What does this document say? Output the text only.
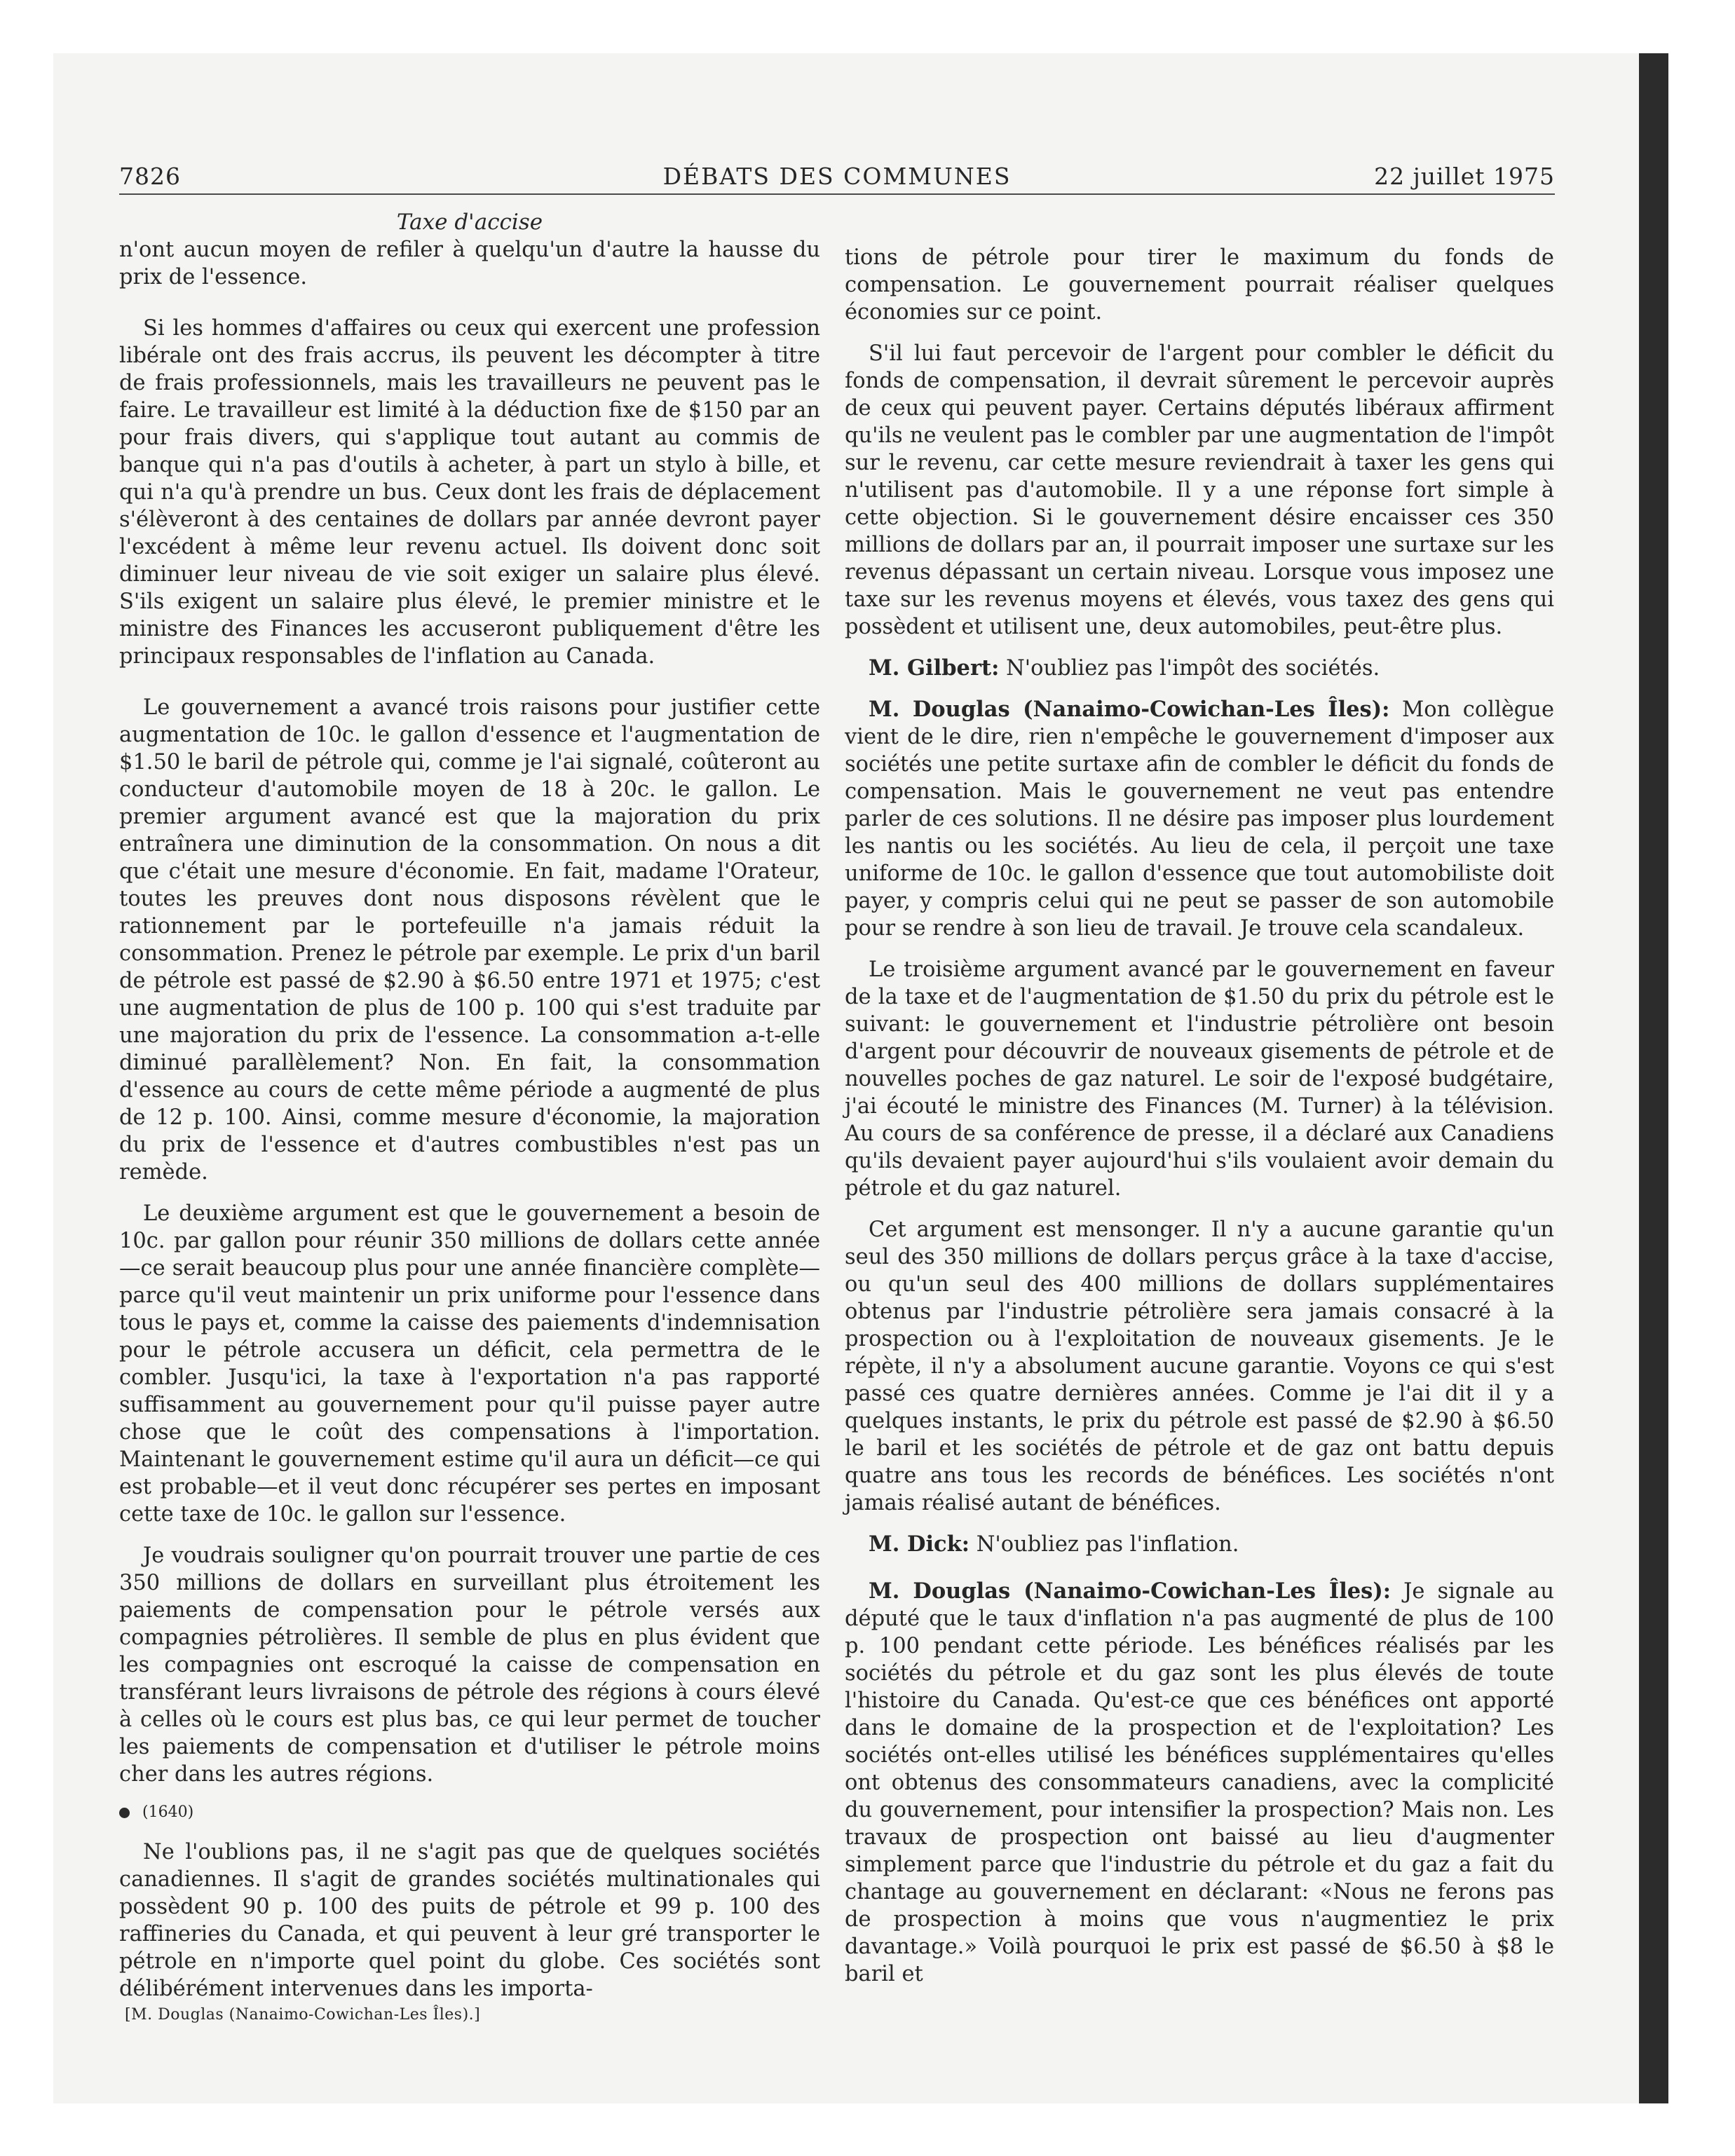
7826	DÉBATS DES COMMUNES	22 juillet 1975
Taxe d'accise

n'ont aucun moyen de refiler à quelqu'un d'autre la hausse du prix de l'essence.

Si les hommes d'affaires ou ceux qui exercent une profession libérale ont des frais accrus, ils peuvent les décompter à titre de frais professionnels, mais les travailleurs ne peuvent pas le faire. Le travailleur est limité à la déduction fixe de $150 par an pour frais divers, qui s'applique tout autant au commis de banque qui n'a pas d'outils à acheter, à part un stylo à bille, et qui n'a qu'à prendre un bus. Ceux dont les frais de déplacement s'élèveront à des centaines de dollars par année devront payer l'excédent à même leur revenu actuel. Ils doivent donc soit diminuer leur niveau de vie soit exiger un salaire plus élevé. S'ils exigent un salaire plus élevé, le premier ministre et le ministre des Finances les accuseront publiquement d'être les principaux responsables de l'inflation au Canada.

Le gouvernement a avancé trois raisons pour justifier cette augmentation de 10c. le gallon d'essence et l'augmentation de $1.50 le baril de pétrole qui, comme je l'ai signalé, coûteront au conducteur d'automobile moyen de 18 à 20c. le gallon. Le premier argument avancé est que la majoration du prix entraînera une diminution de la consommation. On nous a dit que c'était une mesure d'économie. En fait, madame l'Orateur, toutes les preuves dont nous disposons révèlent que le rationnement par le portefeuille n'a jamais réduit la consommation. Prenez le pétrole par exemple. Le prix d'un baril de pétrole est passé de $2.90 à $6.50 entre 1971 et 1975; c'est une augmentation de plus de 100 p. 100 qui s'est traduite par une majoration du prix de l'essence. La consommation a-t-elle diminué parallèlement? Non. En fait, la consommation d'essence au cours de cette même période a augmenté de plus de 12 p. 100. Ainsi, comme mesure d'économie, la majoration du prix de l'essence et d'autres combustibles n'est pas un remède.

Le deuxième argument est que le gouvernement a besoin de 10c. par gallon pour réunir 350 millions de dollars cette année—ce serait beaucoup plus pour une année financière complète—parce qu'il veut maintenir un prix uniforme pour l'essence dans tous le pays et, comme la caisse des paiements d'indemnisation pour le pétrole accusera un déficit, cela permettra de le combler. Jusqu'ici, la taxe à l'exportation n'a pas rapporté suffisamment au gouvernement pour qu'il puisse payer autre chose que le coût des compensations à l'importation. Maintenant le gouvernement estime qu'il aura un déficit—ce qui est probable—et il veut donc récupérer ses pertes en imposant cette taxe de 10c. le gallon sur l'essence.

Je voudrais souligner qu'on pourrait trouver une partie de ces 350 millions de dollars en surveillant plus étroitement les paiements de compensation pour le pétrole versés aux compagnies pétrolières. Il semble de plus en plus évident que les compagnies ont escroqué la caisse de compensation en transférant leurs livraisons de pétrole des régions à cours élevé à celles où le cours est plus bas, ce qui leur permet de toucher les paiements de compensation et d'utiliser le pétrole moins cher dans les autres régions.

(1640)

Ne l'oublions pas, il ne s'agit pas que de quelques sociétés canadiennes. Il s'agit de grandes sociétés multinationales qui possèdent 90 p. 100 des puits de pétrole et 99 p. 100 des raffineries du Canada, et qui peuvent à leur gré transporter le pétrole en n'importe quel point du globe. Ces sociétés sont délibérément intervenues dans les importa-

tions de pétrole pour tirer le maximum du fonds de compensation. Le gouvernement pourrait réaliser quelques économies sur ce point.

S'il lui faut percevoir de l'argent pour combler le déficit du fonds de compensation, il devrait sûrement le percevoir auprès de ceux qui peuvent payer. Certains députés libéraux affirment qu'ils ne veulent pas le combler par une augmentation de l'impôt sur le revenu, car cette mesure reviendrait à taxer les gens qui n'utilisent pas d'automobile. Il y a une réponse fort simple à cette objection. Si le gouvernement désire encaisser ces 350 millions de dollars par an, il pourrait imposer une surtaxe sur les revenus dépassant un certain niveau. Lorsque vous imposez une taxe sur les revenus moyens et élevés, vous taxez des gens qui possèdent et utilisent une, deux automobiles, peut-être plus.

M. Gilbert: N'oubliez pas l'impôt des sociétés.

M. Douglas (Nanaimo-Cowichan-Les Îles): Mon collègue vient de le dire, rien n'empêche le gouvernement d'imposer aux sociétés une petite surtaxe afin de combler le déficit du fonds de compensation. Mais le gouvernement ne veut pas entendre parler de ces solutions. Il ne désire pas imposer plus lourdement les nantis ou les sociétés. Au lieu de cela, il perçoit une taxe uniforme de 10c. le gallon d'essence que tout automobiliste doit payer, y compris celui qui ne peut se passer de son automobile pour se rendre à son lieu de travail. Je trouve cela scandaleux.

Le troisième argument avancé par le gouvernement en faveur de la taxe et de l'augmentation de $1.50 du prix du pétrole est le suivant: le gouvernement et l'industrie pétrolière ont besoin d'argent pour découvrir de nouveaux gisements de pétrole et de nouvelles poches de gaz naturel. Le soir de l'exposé budgétaire, j'ai écouté le ministre des Finances (M. Turner) à la télévision. Au cours de sa conférence de presse, il a déclaré aux Canadiens qu'ils devaient payer aujourd'hui s'ils voulaient avoir demain du pétrole et du gaz naturel.

Cet argument est mensonger. Il n'y a aucune garantie qu'un seul des 350 millions de dollars perçus grâce à la taxe d'accise, ou qu'un seul des 400 millions de dollars supplémentaires obtenus par l'industrie pétrolière sera jamais consacré à la prospection ou à l'exploitation de nouveaux gisements. Je le répète, il n'y a absolument aucune garantie. Voyons ce qui s'est passé ces quatre dernières années. Comme je l'ai dit il y a quelques instants, le prix du pétrole est passé de $2.90 à $6.50 le baril et les sociétés de pétrole et de gaz ont battu depuis quatre ans tous les records de bénéfices. Les sociétés n'ont jamais réalisé autant de bénéfices.

M. Dick: N'oubliez pas l'inflation.

M. Douglas (Nanaimo-Cowichan-Les Îles): Je signale au député que le taux d'inflation n'a pas augmenté de plus de 100 p. 100 pendant cette période. Les bénéfices réalisés par les sociétés du pétrole et du gaz sont les plus élevés de toute l'histoire du Canada. Qu'est-ce que ces bénéfices ont apporté dans le domaine de la prospection et de l'exploitation? Les sociétés ont-elles utilisé les bénéfices supplémentaires qu'elles ont obtenus des consommateurs canadiens, avec la complicité du gouvernement, pour intensifier la prospection? Mais non. Les travaux de prospection ont baissé au lieu d'augmenter simplement parce que l'industrie du pétrole et du gaz a fait du chantage au gouvernement en déclarant: «Nous ne ferons pas de prospection à moins que vous n'augmentiez le prix davantage.» Voilà pourquoi le prix est passé de $6.50 à $8 le baril et

[M. Douglas (Nanaimo-Cowichan-Les Îles).]
